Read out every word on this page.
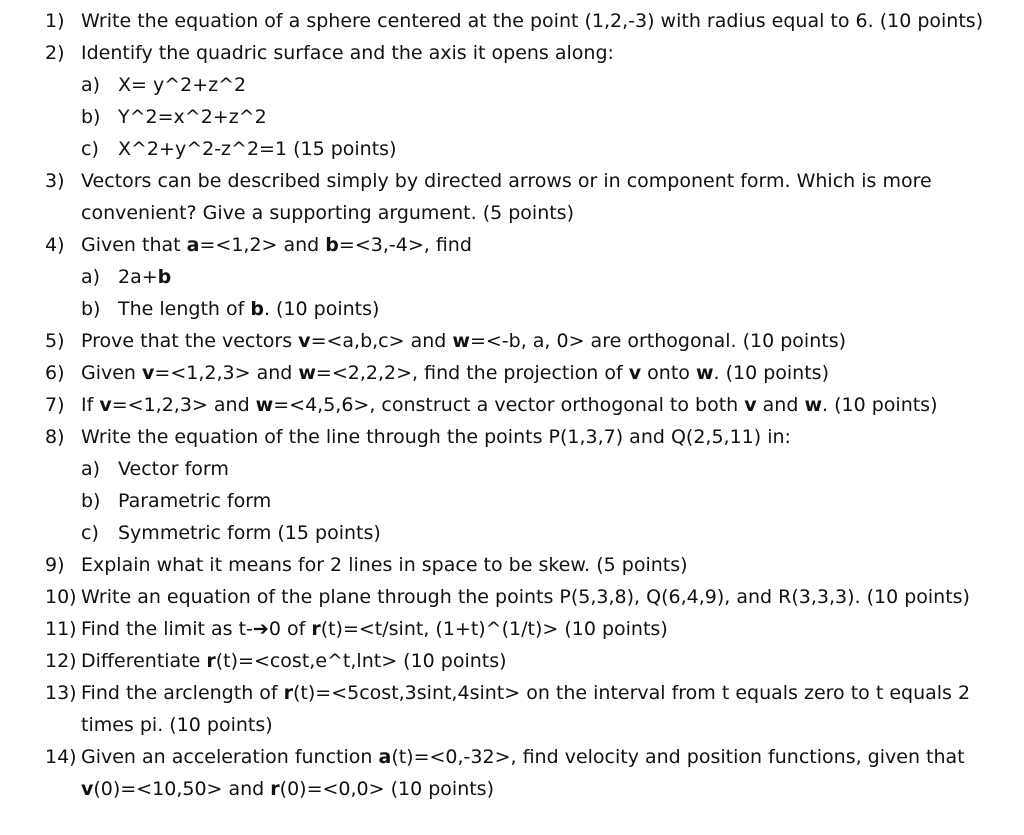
1) Write the equation of a sphere centered at the point (1,2,-3) with radius equal to 6. (10 points)
2) Identify the quadric surface and the axis it opens along:
a) X= y^2+z^2
b) Y^2=x^2+z^2
c) X^2+y^2-z^2=1 (15 points)
3) Vectors can be described simply by directed arrows or in component form. Which is more
convenient? Give a supporting argument. (5 points)
4) Given that a=<1,2> and b=<3,-4>, find
a) 2a+b
b) The length of b. (10 points)
5) Prove that the vectors v=<a,b,c> and w=<-b, a, 0> are orthogonal. (10 points)
6) Given v=<1,2,3> and w=<2,2,2>, find the projection of v onto w. (10 points)
7) If v=<1,2,3> and w=<4,5,6>, construct a vector orthogonal to both v and w. (10 points)
8) Write the equation of the line through the points P(1,3,7) and Q(2,5,11) in:
a) Vector form
b) Parametric form
c) Symmetric form (15 points)
9) Explain what it means for 2 lines in space to be skew. (5 points)
10) Write an equation of the plane through the points P(5,3,8), Q(6,4,9), and R(3,3,3). (10 points)
11) Find the limit as t-➔0 of r(t)=<t/sint, (1+t)^(1/t)> (10 points)
12) Differentiate r(t)=<cost,e^t,lnt> (10 points)
13) Find the arclength of r(t)=<5cost,3sint,4sint> on the interval from t equals zero to t equals 2
times pi. (10 points)
14) Given an acceleration function a(t)=<0,-32>, find velocity and position functions, given that
v(0)=<10,50> and r(0)=<0,0> (10 points)
